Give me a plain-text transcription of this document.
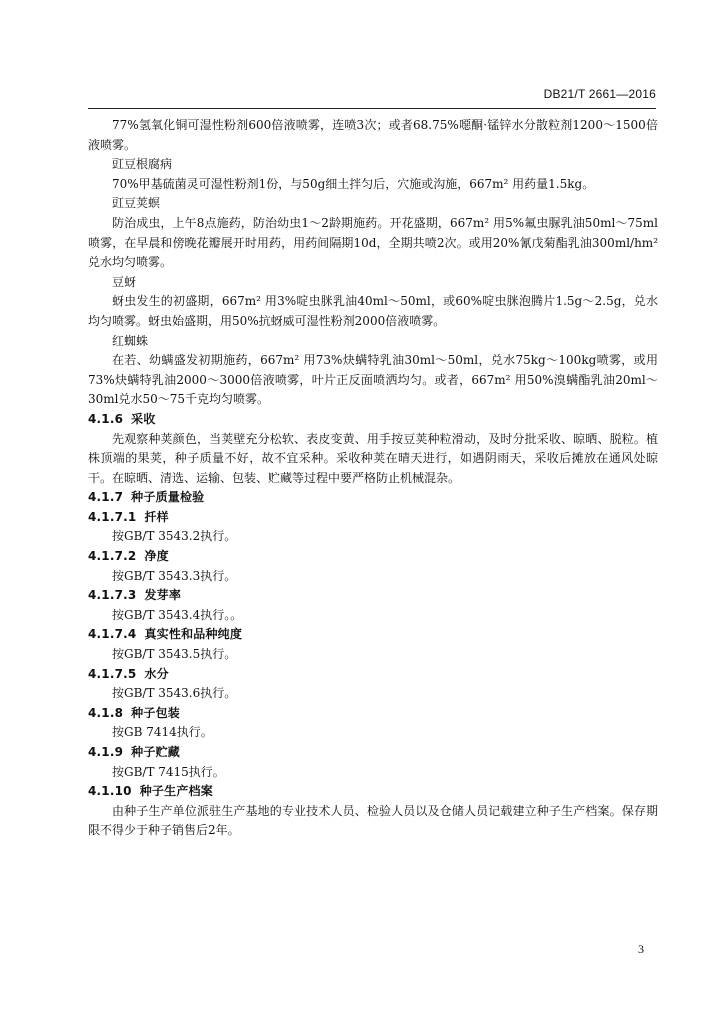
DB21/T 2661—2016

77%氢氧化铜可湿性粉剂600倍液喷雾，连喷3次；或者68.75%噁酮·锰锌水分散粒剂1200～1500倍液喷雾。

豇豆根腐病

70%甲基硫菌灵可湿性粉剂1份，与50g细土拌匀后，穴施或沟施，667m² 用药量1.5kg。

豇豆荚螟

防治成虫，上午8点施药，防治幼虫1～2龄期施药。开花盛期，667m² 用5%氟虫脲乳油50ml～75ml喷雾，在早晨和傍晚花瓣展开时用药，用药间隔期10d，全期共喷2次。或用20%氰戊菊酯乳油300ml/hm² 兑水均匀喷雾。

豆蚜

蚜虫发生的初盛期，667m² 用3%啶虫脒乳油40ml～50ml，或60%啶虫脒泡腾片1.5g～2.5g，兑水均匀喷雾。蚜虫始盛期，用50%抗蚜威可湿性粉剂2000倍液喷雾。

红蜘蛛

在若、幼螨盛发初期施药，667m² 用73%炔螨特乳油30ml～50ml，兑水75kg～100kg喷雾，或用73%炔螨特乳油2000～3000倍液喷雾，叶片正反面喷洒均匀。或者，667m² 用50%溴螨酯乳油20ml～30ml兑水50～75千克均匀喷雾。

4.1.6 采收

先观察种荚颜色，当荚壁充分松软、表皮变黄、用手按豆荚种粒滑动，及时分批采收、晾晒、脱粒。植株顶端的果荚，种子质量不好，故不宜采种。采收种荚在晴天进行，如遇阴雨天，采收后摊放在通风处晾干。在晾晒、清选、运输、包装、贮藏等过程中要严格防止机械混杂。

4.1.7 种子质量检验
4.1.7.1 扦样

按GB/T 3543.2执行。

4.1.7.2 净度

按GB/T 3543.3执行。

4.1.7.3 发芽率

按GB/T 3543.4执行。。

4.1.7.4 真实性和品种纯度

按GB/T 3543.5执行。

4.1.7.5 水分

按GB/T 3543.6执行。

4.1.8 种子包装

按GB 7414执行。

4.1.9 种子贮藏

按GB/T 7415执行。

4.1.10 种子生产档案

由种子生产单位派驻生产基地的专业技术人员、检验人员以及仓储人员记载建立种子生产档案。保存期限不得少于种子销售后2年。

3
